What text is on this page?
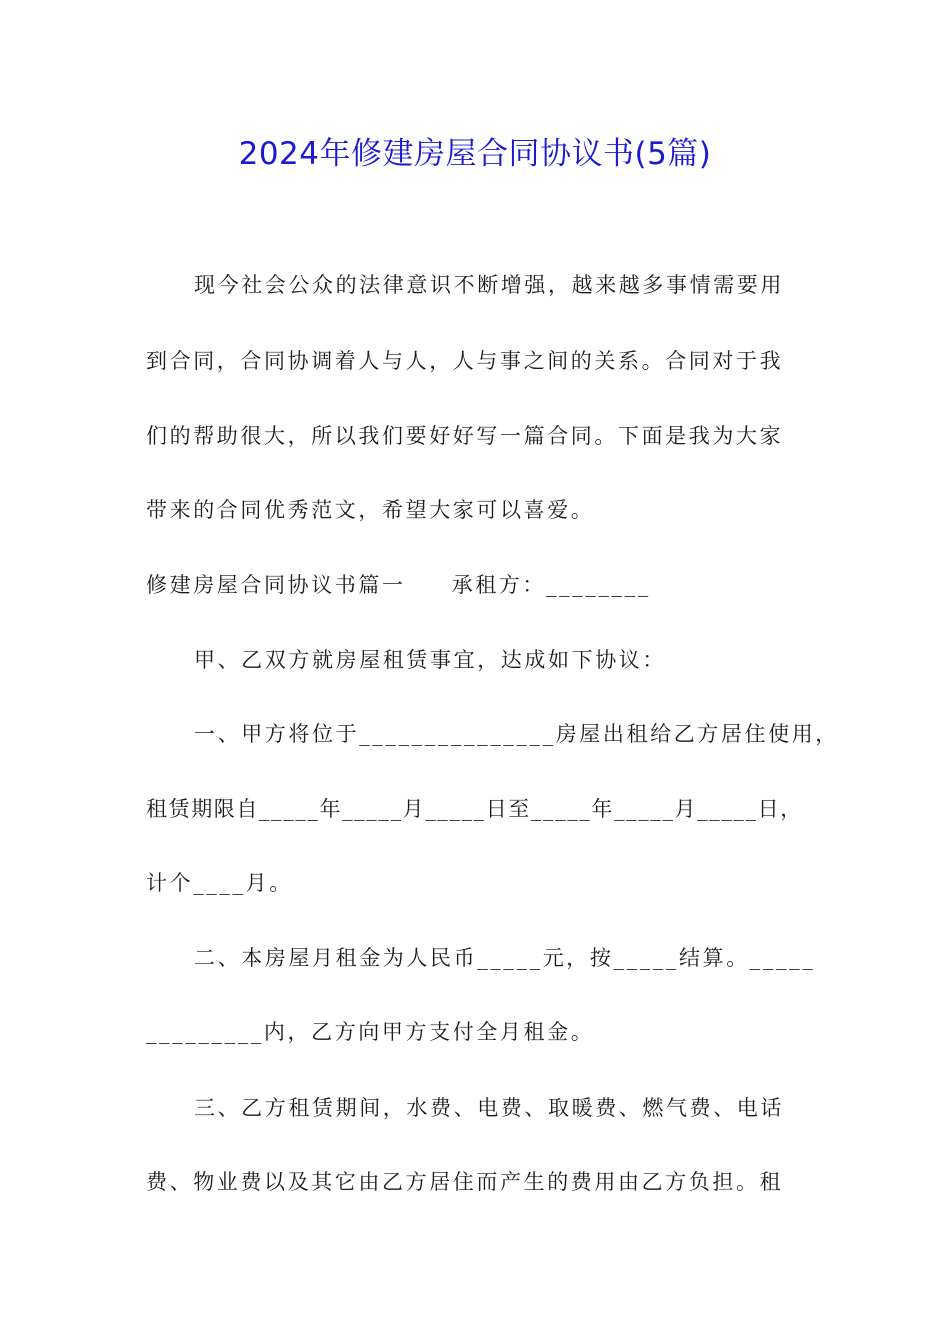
2024年修建房屋合同协议书(5篇)
现今社会公众的法律意识不断增强，越来越多事情需要用
到合同，合同协调着人与人，人与事之间的关系。合同对于我
们的帮助很大，所以我们要好好写一篇合同。下面是我为大家
带来的合同优秀范文，希望大家可以喜爱。
修建房屋合同协议书篇一 承租方：________
甲、乙双方就房屋租赁事宜，达成如下协议：
一、甲方将位于_______________房屋出租给乙方居住使用，
租赁期限自_____年_____月_____日至_____年_____月_____日，
计个____月。
二、本房屋月租金为人民币_____元，按_____结算。_____
_________内，乙方向甲方支付全月租金。
三、乙方租赁期间，水费、电费、取暖费、燃气费、电话
费、物业费以及其它由乙方居住而产生的费用由乙方负担。租
